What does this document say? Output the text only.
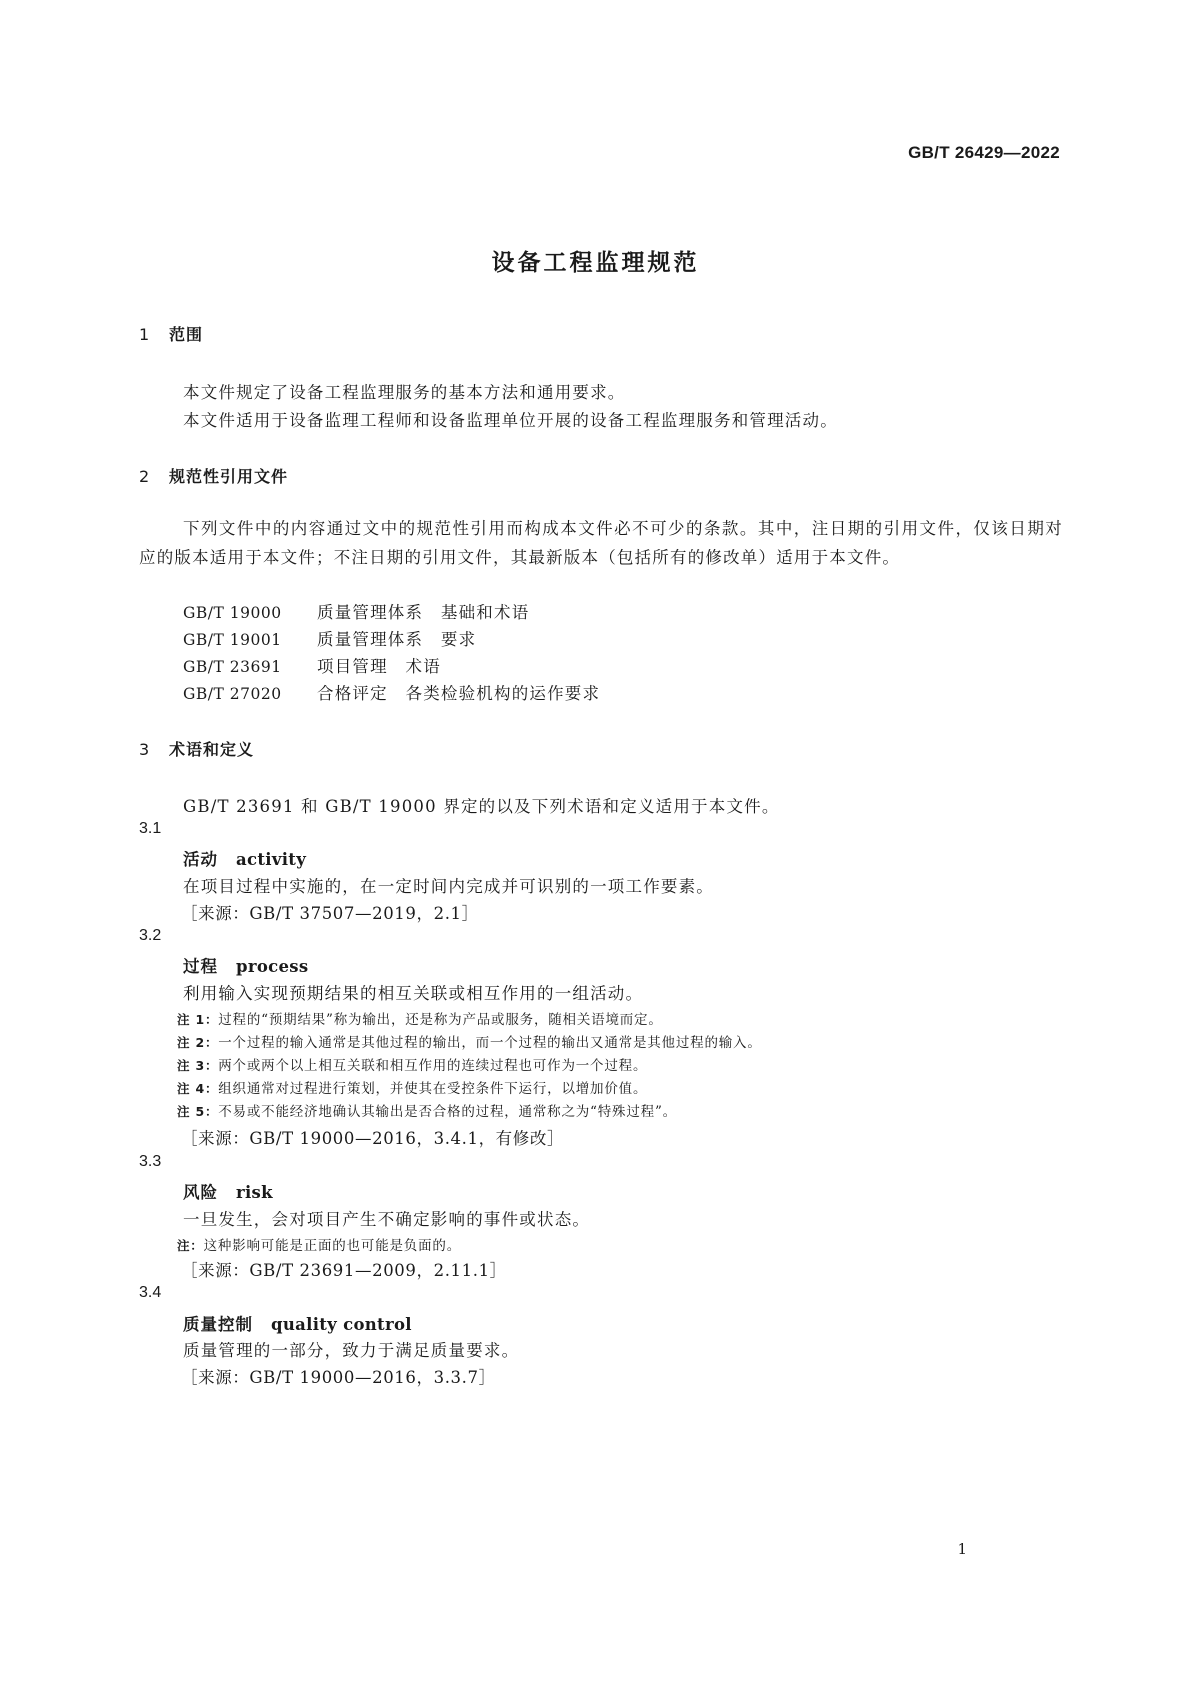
GB/T 26429—2022

设备工程监理规范
1 范围

本文件规定了设备工程监理服务的基本方法和通用要求。

本文件适用于设备监理工程师和设备监理单位开展的设备工程监理服务和管理活动。

2 规范性引用文件

下列文件中的内容通过文中的规范性引用而构成本文件必不可少的条款。其中，注日期的引用文件，仅该日期对应的版本适用于本文件；不注日期的引用文件，其最新版本（包括所有的修改单）适用于本文件。

GB/T 19000 质量管理体系　基础和术语
GB/T 19001 质量管理体系　要求
GB/T 23691 项目管理　术语
GB/T 27020 合格评定　各类检验机构的运作要求
3 术语和定义

GB/T 23691 和 GB/T 19000 界定的以及下列术语和定义适用于本文件。

3.1
活动 activity

在项目过程中实施的，在一定时间内完成并可识别的一项工作要素。

［来源：GB/T 37507—2019，2.1］

3.2
过程 process

利用输入实现预期结果的相互关联或相互作用的一组活动。

注 1：过程的“预期结果”称为输出，还是称为产品或服务，随相关语境而定。
注 2：一个过程的输入通常是其他过程的输出，而一个过程的输出又通常是其他过程的输入。
注 3：两个或两个以上相互关联和相互作用的连续过程也可作为一个过程。
注 4：组织通常对过程进行策划，并使其在受控条件下运行，以增加价值。
注 5：不易或不能经济地确认其输出是否合格的过程，通常称之为“特殊过程”。

［来源：GB/T 19000—2016，3.4.1，有修改］

3.3
风险 risk

一旦发生，会对项目产生不确定影响的事件或状态。

注：这种影响可能是正面的也可能是负面的。

［来源：GB/T 23691—2009，2.11.1］

3.4
质量控制 quality control

质量管理的一部分，致力于满足质量要求。

［来源：GB/T 19000—2016，3.3.7］

1
